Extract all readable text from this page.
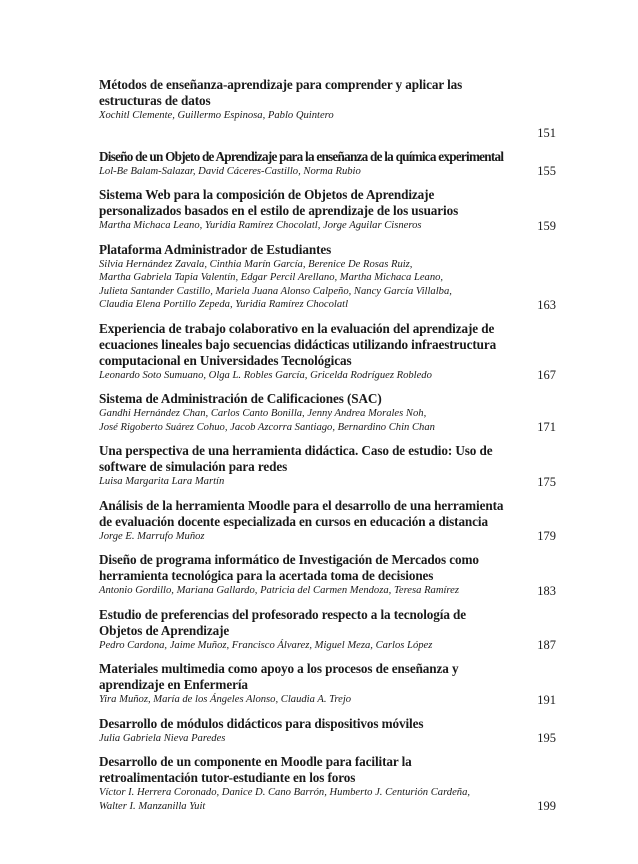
Métodos de enseñanza-aprendizaje para comprender y aplicar las estructuras de datos
Xochitl Clemente, Guillermo Espinosa, Pablo Quintero
151
Diseño de un Objeto de Aprendizaje para la enseñanza de la química experimental
Lol-Be Balam-Salazar, David Cáceres-Castillo, Norma Rubio	155
Sistema Web para la composición de Objetos de Aprendizaje personalizados basados en el estilo de aprendizaje de los usuarios
Martha Michaca Leano, Yuridia Ramírez Chocolatl, Jorge Aguilar Cisneros	159
Plataforma Administrador de Estudiantes
Silvia Hernández Zavala, Cinthia Marín García, Berenice De Rosas Ruiz,
Martha Gabriela Tapia Valentín, Edgar Percil Arellano, Martha Michaca Leano,
Julieta Santander Castillo, Mariela Juana Alonso Calpeño, Nancy García Villalba,
Claudia Elena Portillo Zepeda, Yuridia Ramírez Chocolatl	163
Experiencia de trabajo colaborativo en la evaluación del aprendizaje de ecuaciones lineales bajo secuencias didácticas utilizando infraestructura computacional en Universidades Tecnológicas
Leonardo Soto Sumuano, Olga L. Robles García, Gricelda Rodríguez Robledo	167
Sistema de Administración de Calificaciones (SAC)
Gandhi Hernández Chan, Carlos Canto Bonilla, Jenny Andrea Morales Noh,
José Rigoberto Suárez Cohuo, Jacob Azcorra Santiago, Bernardino Chin Chan	171
Una perspectiva de una herramienta didáctica. Caso de estudio: Uso de software de simulación para redes
Luisa Margarita Lara Martín	175
Análisis de la herramienta Moodle para el desarrollo de una herramienta de evaluación docente especializada en cursos en educación a distancia
Jorge E. Marrufo Muñoz	179
Diseño de programa informático de Investigación de Mercados como herramienta tecnológica para la acertada toma de decisiones
Antonio Gordillo, Mariana Gallardo, Patricia del Carmen Mendoza, Teresa Ramírez	183
Estudio de preferencias del profesorado respecto a la tecnología de Objetos de Aprendizaje
Pedro Cardona, Jaime Muñoz, Francisco Álvarez, Miguel Meza, Carlos López	187
Materiales multimedia como apoyo a los procesos de enseñanza y aprendizaje en Enfermería
Yira Muñoz, María de los Ángeles Alonso, Claudia A. Trejo	191
Desarrollo de módulos didácticos para dispositivos móviles
Julia Gabriela Nieva Paredes	195
Desarrollo de un componente en Moodle para facilitar la retroalimentación tutor-estudiante en los foros
Víctor I. Herrera Coronado, Danice D. Cano Barrón, Humberto J. Centurión Cardeña,
Walter I. Manzanilla Yuit	199
